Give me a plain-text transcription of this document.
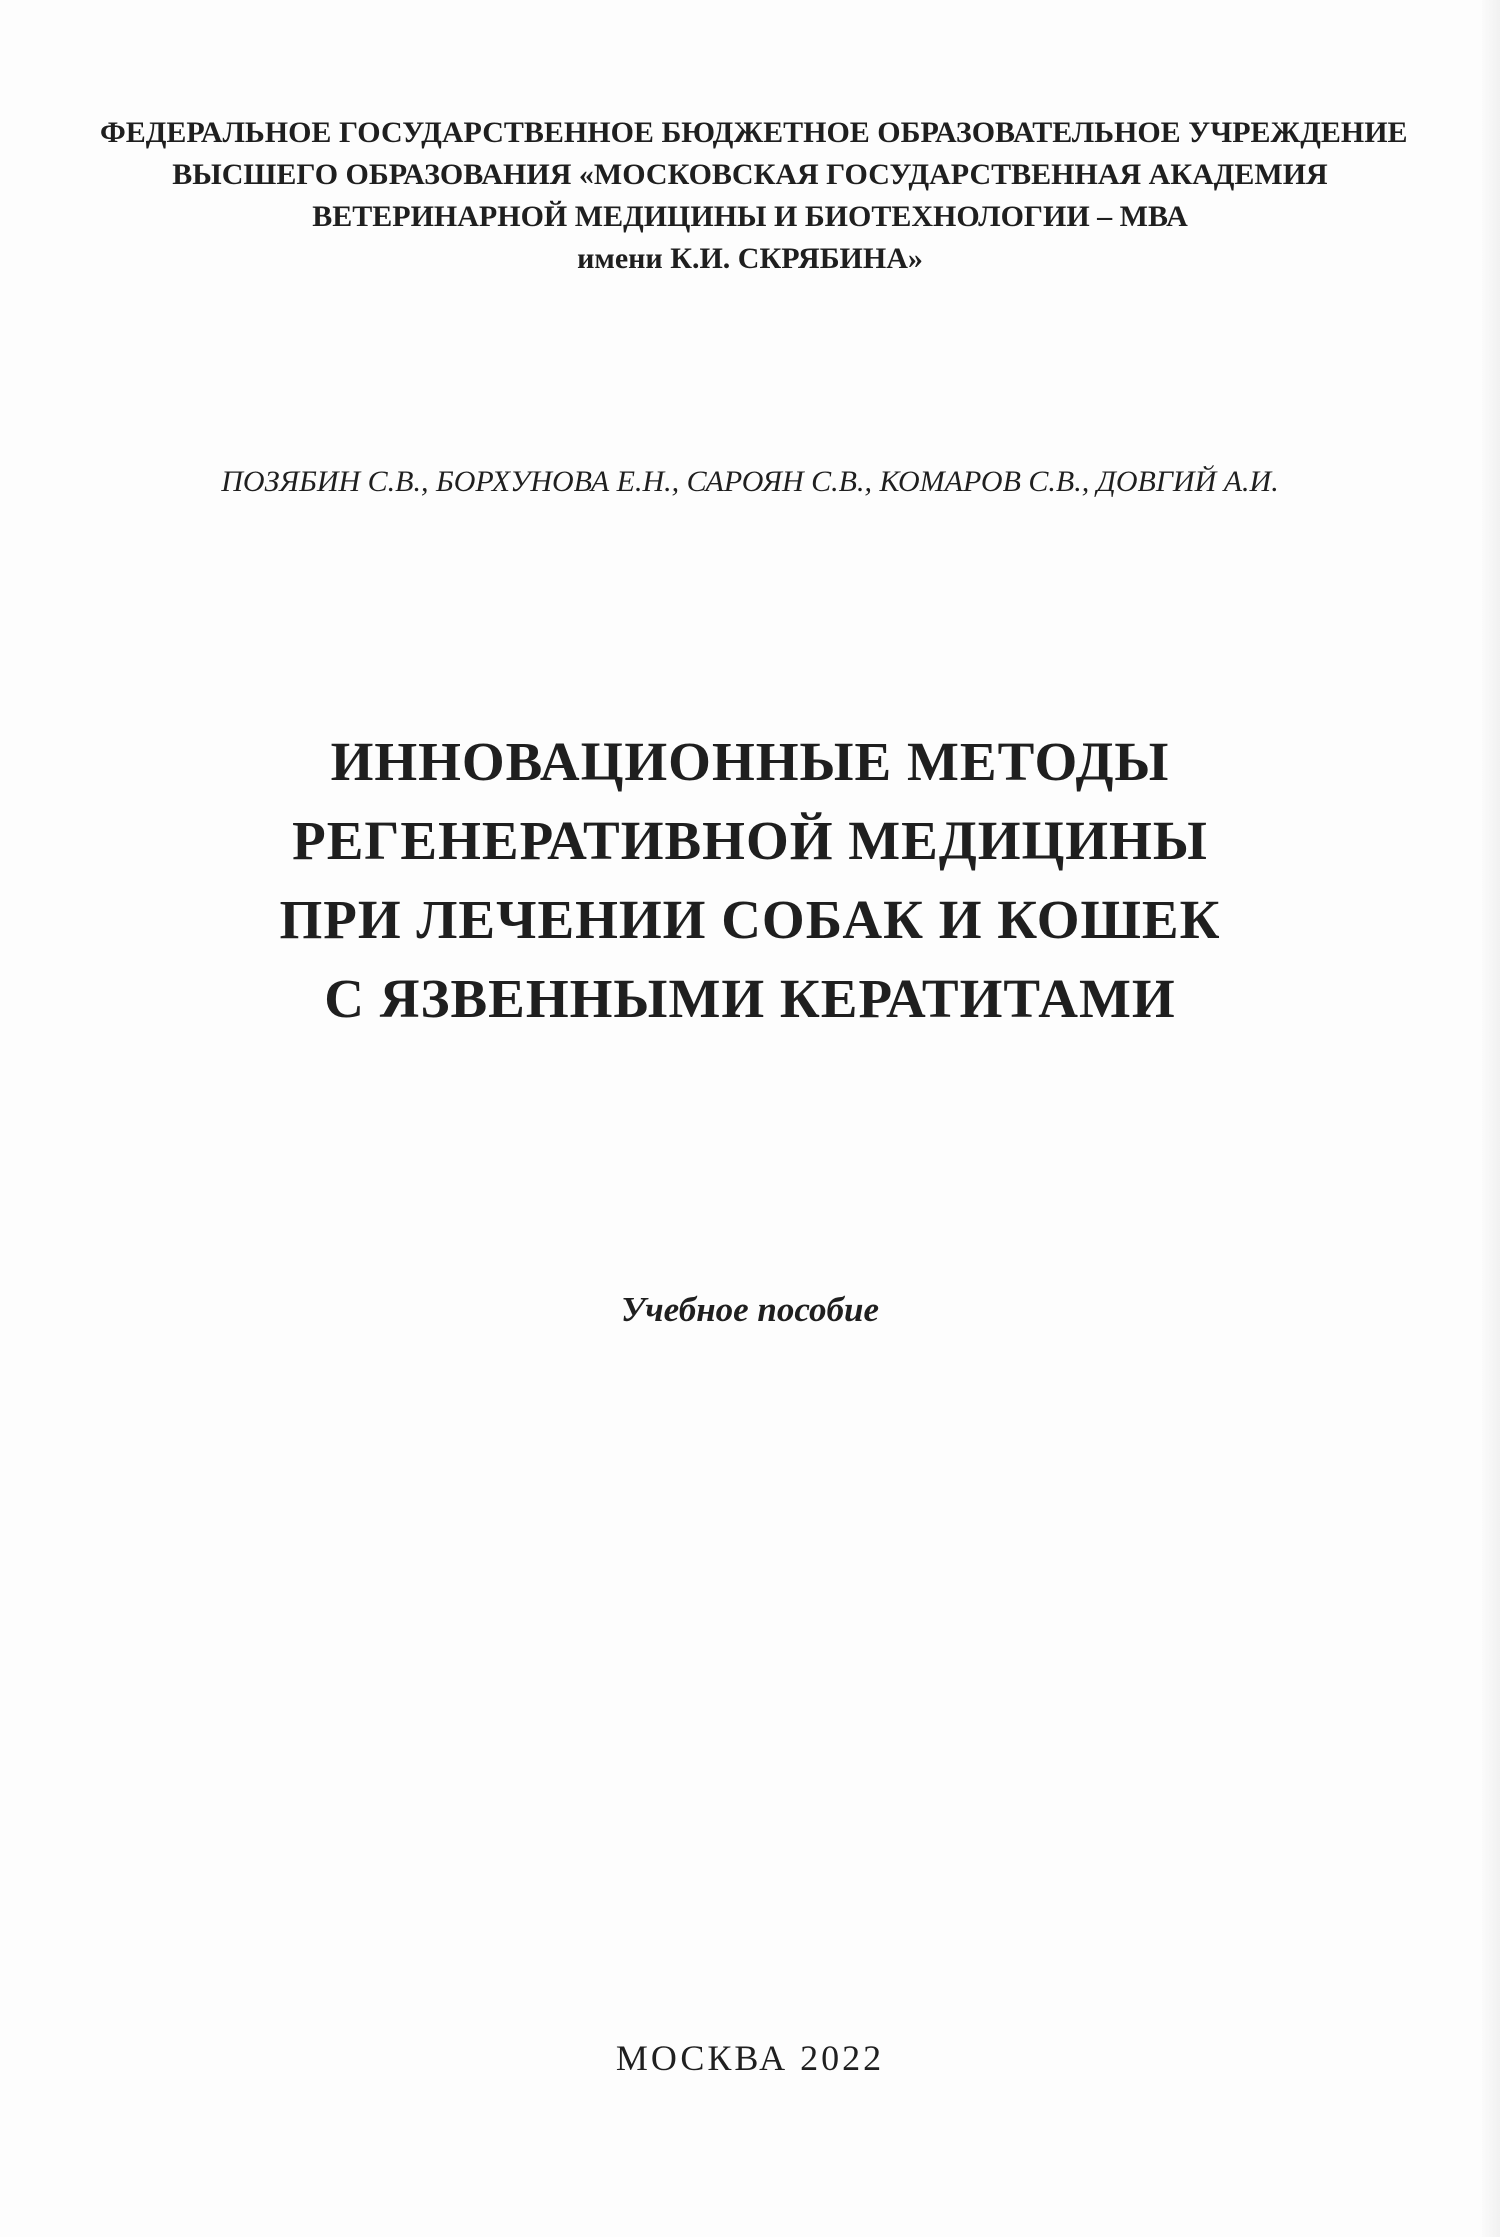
ФЕДЕРАЛЬНОЕ ГОСУДАРСТВЕННОЕ БЮДЖЕТНОЕ ОБРАЗОВАТЕЛЬНОЕ УЧРЕЖДЕНИЕ
ВЫСШЕГО ОБРАЗОВАНИЯ «МОСКОВСКАЯ ГОСУДАРСТВЕННАЯ АКАДЕМИЯ
ВЕТЕРИНАРНОЙ МЕДИЦИНЫ И БИОТЕХНОЛОГИИ – МВА
имени К.И. СКРЯБИНА»
ПОЗЯБИН С.В., БОРХУНОВА Е.Н., САРОЯН С.В., КОМАРОВ С.В., ДОВГИЙ А.И.
ИННОВАЦИОННЫЕ МЕТОДЫ
РЕГЕНЕРАТИВНОЙ МЕДИЦИНЫ
ПРИ ЛЕЧЕНИИ СОБАК И КОШЕК
С ЯЗВЕННЫМИ КЕРАТИТАМИ
Учебное пособие
МОСКВА 2022
